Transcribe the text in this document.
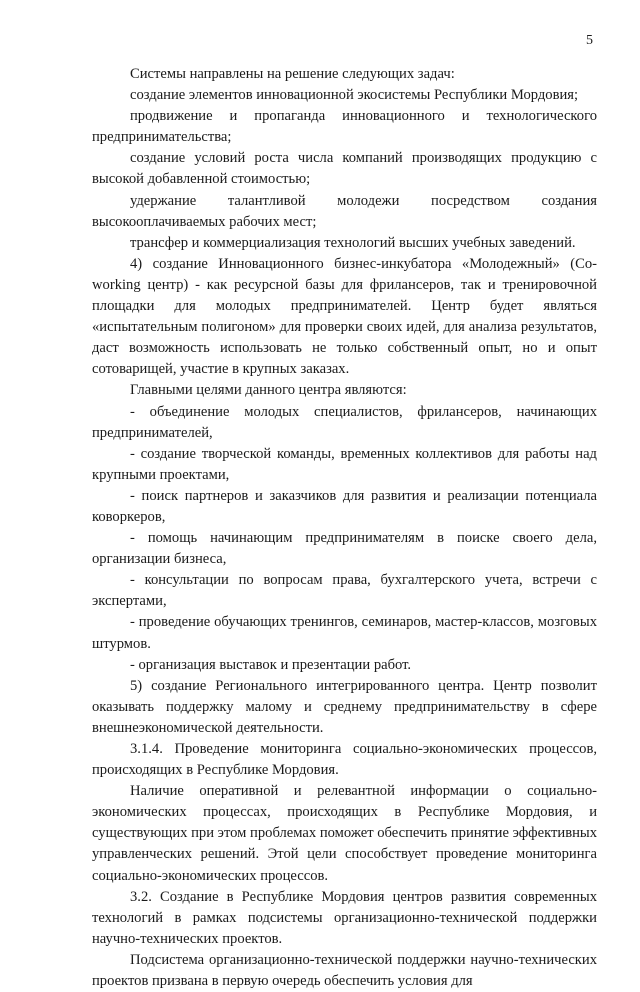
5

Системы направлены на решение следующих задач:

создание элементов инновационной экосистемы Республики Мордовия;

продвижение и пропаганда инновационного и технологического предпринимательства;

создание условий роста числа компаний производящих продукцию с высокой добавленной стоимостью;

удержание талантливой молодежи посредством создания высокооплачиваемых рабочих мест;

трансфер и коммерциализация технологий высших учебных заведений.

4) создание Инновационного бизнес-инкубатора «Молодежный» (Co-working центр) - как ресурсной базы для фрилансеров, так и тренировочной площадки для молодых предпринимателей. Центр будет являться «испытательным полигоном» для проверки своих идей, для анализа результатов, даст возможность использовать не только собственный опыт, но и опыт сотоварищей, участие в крупных заказах.

Главными целями данного центра являются:

- объединение молодых специалистов, фрилансеров, начинающих предпринимателей,

- создание творческой команды, временных коллективов для работы над крупными проектами,

- поиск партнеров и заказчиков для развития и реализации потенциала коворкеров,

- помощь начинающим предпринимателям в поиске своего дела, организации бизнеса,

- консультации по вопросам права, бухгалтерского учета, встречи с экспертами,

- проведение обучающих тренингов, семинаров, мастер-классов, мозговых штурмов.

- организация выставок и презентации работ.

5) создание Регионального интегрированного центра. Центр позволит оказывать поддержку малому и среднему предпринимательству в сфере внешнеэкономической деятельности.

3.1.4. Проведение мониторинга социально-экономических процессов, происходящих в Республике Мордовия.

Наличие оперативной и релевантной информации о социально-экономических процессах, происходящих в Республике Мордовия, и существующих при этом проблемах поможет обеспечить принятие эффективных управленческих решений. Этой цели способствует проведение мониторинга социально-экономических процессов.

3.2. Создание в Республике Мордовия центров развития современных технологий в рамках подсистемы организационно-технической поддержки научно-технических проектов.

Подсистема организационно-технической поддержки научно-технических проектов призвана в первую очередь обеспечить условия для
